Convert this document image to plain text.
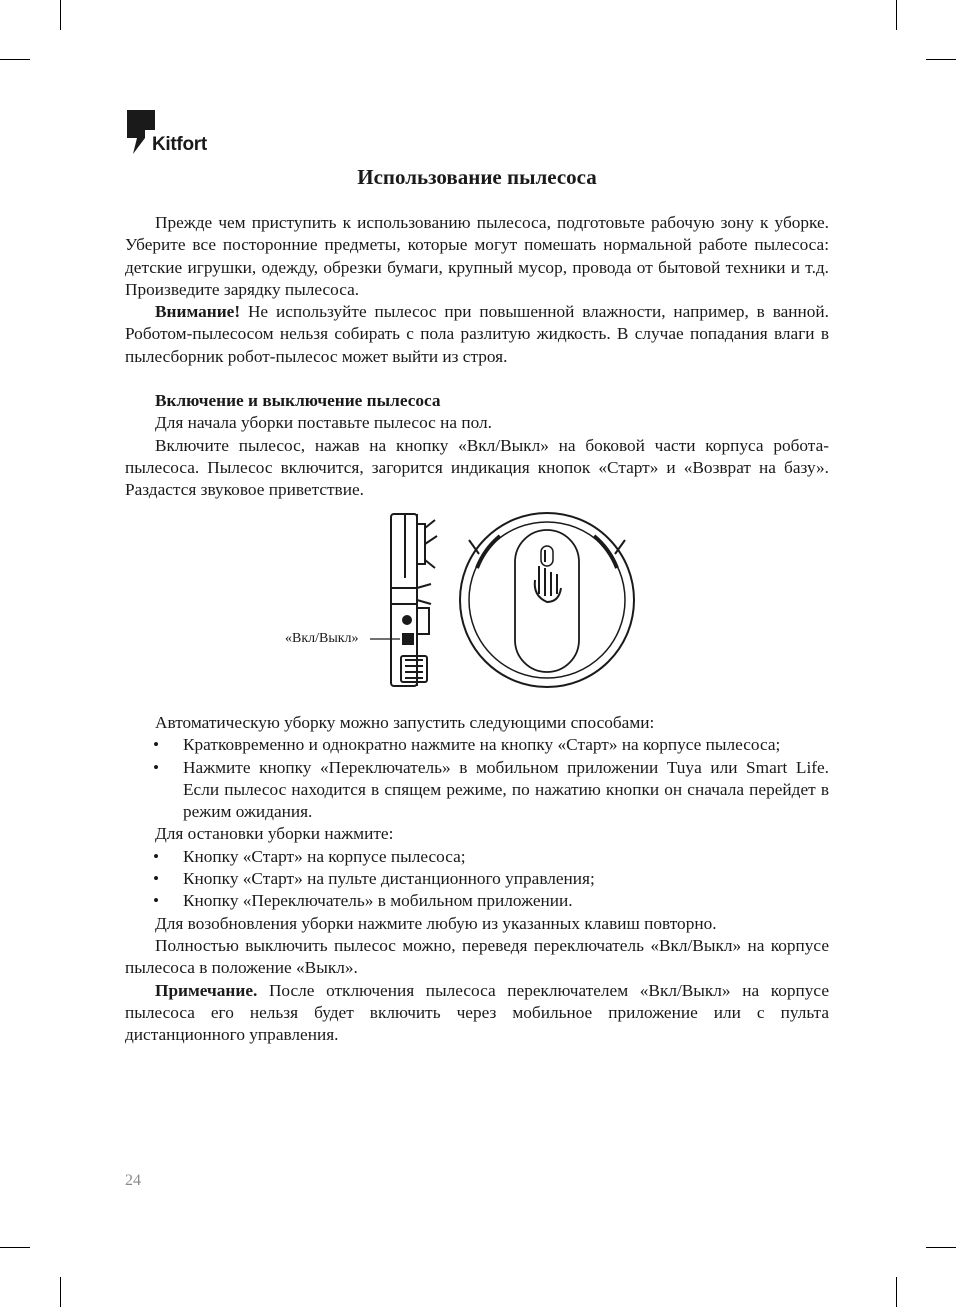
Kitfort
Использование пылесоса

Прежде чем приступить к использованию пылесоса, подготовьте рабочую зону к уборке. Уберите все посторонние предметы, которые могут помешать нормальной работе пылесоса: детские игрушки, одежду, обрезки бумаги, крупный мусор, провода от бытовой техники и т.д. Произведите зарядку пылесоса.

Внимание! Не используйте пылесос при повышенной влажности, например, в ванной. Роботом-пылесосом нельзя собирать с пола разлитую жидкость. В случае попадания влаги в пылесборник робот-пылесос может выйти из строя.

Включение и выключение пылесоса

Для начала уборки поставьте пылесос на пол.

Включите пылесос, нажав на кнопку «Вкл/Выкл» на боковой части корпуса робота-пылесоса. Пылесос включится, загорится индикация кнопок «Старт» и «Возврат на базу». Раздастся звуковое приветствие.

«Вкл/Выкл»

Автоматическую уборку можно запустить следующими способами:

• Кратковременно и однократно нажмите на кнопку «Старт» на корпусе пылесоса;
• Нажмите кнопку «Переключатель» в мобильном приложении Tuya или Smart Life. Если пылесос находится в спящем режиме, по нажатию кнопки он сначала перейдет в режим ожидания.

Для остановки уборки нажмите:

• Кнопку «Старт» на корпусе пылесоса;
• Кнопку «Старт» на пульте дистанционного управления;
• Кнопку «Переключатель» в мобильном приложении.

Для возобновления уборки нажмите любую из указанных клавиш повторно.

Полностью выключить пылесос можно, переведя переключатель «Вкл/Выкл» на корпусе пылесоса в положение «Выкл».

Примечание. После отключения пылесоса переключателем «Вкл/Выкл» на корпусе пылесоса его нельзя будет включить через мобильное приложение или с пульта дистанционного управления.

24
